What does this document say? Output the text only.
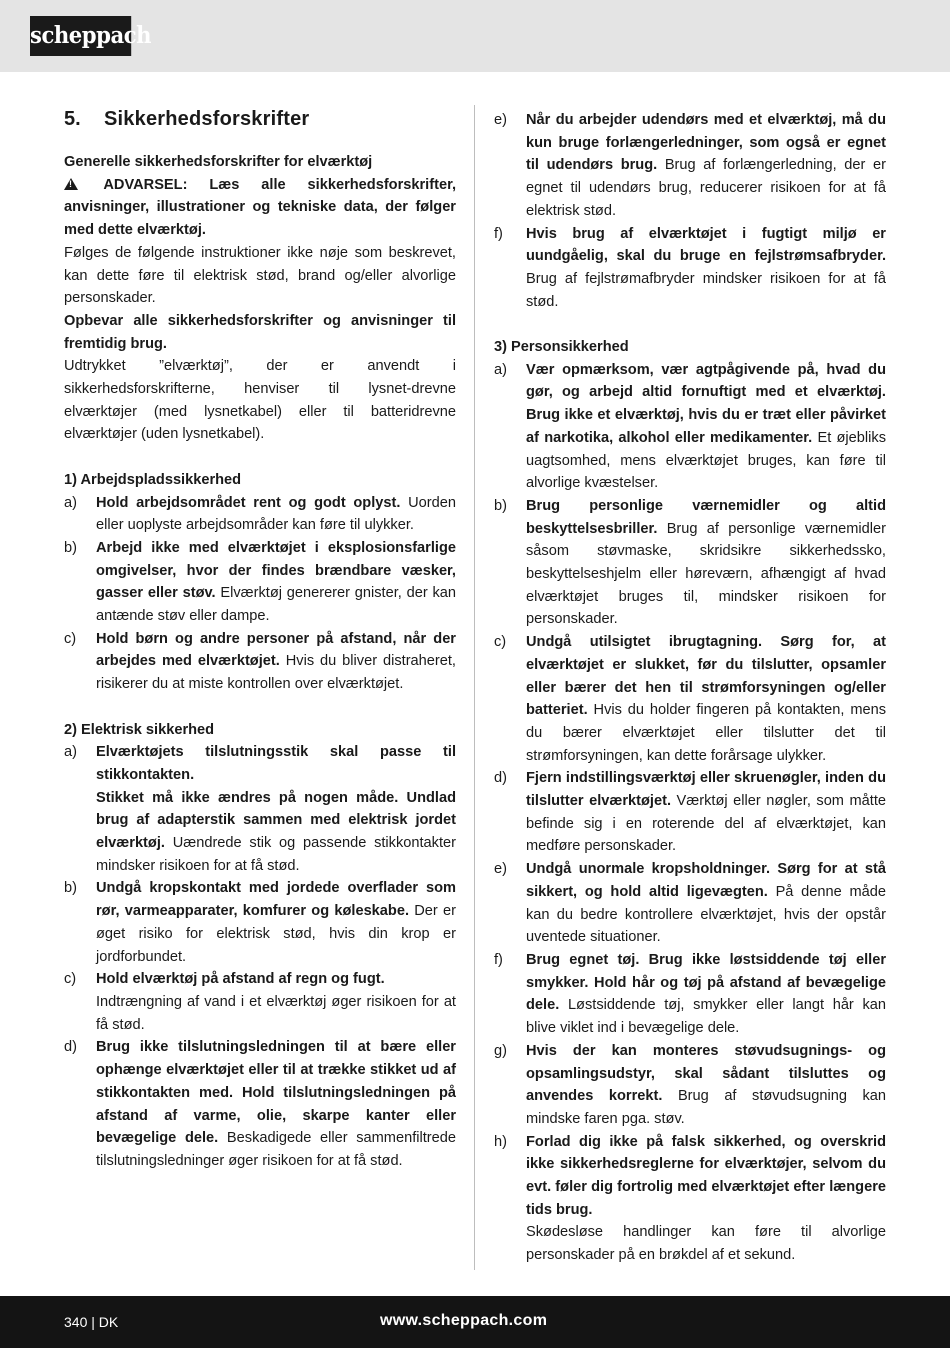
scheppach
5.	Sikkerhedsforskrifter
Generelle sikkerhedsforskrifter for elværktøj
! ADVARSEL: Læs alle sikkerhedsforskrifter, anvisninger, illustrationer og tekniske data, der følger med dette elværktøj.
Følges de følgende instruktioner ikke nøje som beskrevet, kan dette føre til elektrisk stød, brand og/eller alvorlige personskader.
Opbevar alle sikkerhedsforskrifter og anvisninger til fremtidig brug.
Udtrykket ”elværktøj”, der er anvendt i sikkerhedsforskrifterne, henviser til lysnet-drevne elværktøjer (med lysnetkabel) eller til batteridrevne elværktøjer (uden lysnetkabel).
1) Arbejdspladssikkerhed
a)	Hold arbejdsområdet rent og godt oplyst. Uorden eller uoplyste arbejdsområder kan føre til ulykker.
b)	Arbejd ikke med elværktøjet i eksplosionsfarlige omgivelser, hvor der findes brændbare væsker, gasser eller støv. Elværktøj genererer gnister, der kan antænde støv eller dampe.
c)	Hold børn og andre personer på afstand, når der arbejdes med elværktøjet. Hvis du bliver distraheret, risikerer du at miste kontrollen over elværktøjet.
2) Elektrisk sikkerhed
a)	Elværktøjets tilslutningsstik skal passe til stikkontakten.
Stikket må ikke ændres på nogen måde. Undlad brug af adapterstik sammen med elektrisk jordet elværktøj. Uændrede stik og passende stikkontakter mindsker risikoen for at få stød.
b)	Undgå kropskontakt med jordede overflader som rør, varmeapparater, komfurer og køleskabe. Der er øget risiko for elektrisk stød, hvis din krop er jordforbundet.
c)	Hold elværktøj på afstand af regn og fugt.
Indtrængning af vand i et elværktøj øger risikoen for at få stød.
d)	Brug ikke tilslutningsledningen til at bære eller ophænge elværktøjet eller til at trække stikket ud af stikkontakten med. Hold tilslutningsledningen på afstand af varme, olie, skarpe kanter eller bevægelige dele. Beskadigede eller sammenfiltrede tilslutningsledninger øger risikoen for at få stød.
e)	Når du arbejder udendørs med et elværktøj, må du kun bruge forlængerledninger, som også er egnet til udendørs brug. Brug af forlængerledning, der er egnet til udendørs brug, reducerer risikoen for at få elektrisk stød.
f)	Hvis brug af elværktøjet i fugtigt miljø er uundgåelig, skal du bruge en fejlstrømsafbryder. Brug af fejlstrømafbryder mindsker risikoen for at få stød.
3) Personsikkerhed
a)	Vær opmærksom, vær agtpågivende på, hvad du gør, og arbejd altid fornuftigt med et elværktøj. Brug ikke et elværktøj, hvis du er træt eller påvirket af narkotika, alkohol eller medikamenter. Et øjebliks uagtsomhed, mens elværktøjet bruges, kan føre til alvorlige kvæstelser.
b)	Brug personlige værnemidler og altid beskyttelsesbriller. Brug af personlige værnemidler såsom støvmaske, skridsikre sikkerhedssko, beskyttelseshjelm eller høreværn, afhængigt af hvad elværktøjet bruges til, mindsker risikoen for personskader.
c)	Undgå utilsigtet ibrugtagning. Sørg for, at elværktøjet er slukket, før du tilslutter, opsamler eller bærer det hen til strømforsyningen og/eller batteriet. Hvis du holder fingeren på kontakten, mens du bærer elværktøjet eller tilslutter det til strømforsyningen, kan dette forårsage ulykker.
d)	Fjern indstillingsværktøj eller skruenøgler, inden du tilslutter elværktøjet. Værktøj eller nøgler, som måtte befinde sig i en roterende del af elværktøjet, kan medføre personskader.
e)	Undgå unormale kropsholdninger. Sørg for at stå sikkert, og hold altid ligevægten. På denne måde kan du bedre kontrollere elværktøjet, hvis der opstår uventede situationer.
f)	Brug egnet tøj. Brug ikke løstsiddende tøj eller smykker. Hold hår og tøj på afstand af bevægelige dele. Løstsiddende tøj, smykker eller langt hår kan blive viklet ind i bevægelige dele.
g)	Hvis der kan monteres støvudsugnings- og opsamlingsudstyr, skal sådant tilsluttes og anvendes korrekt. Brug af støvudsugning kan mindske faren pga. støv.
h)	Forlad dig ikke på falsk sikkerhed, og overskrid ikke sikkerhedsreglerne for elværktøjer, selvom du evt. føler dig fortrolig med elværktøjet efter længere tids brug.
Skødesløse handlinger kan føre til alvorlige personskader på en brøkdel af et sekund.
340 | DK	www.scheppach.com
